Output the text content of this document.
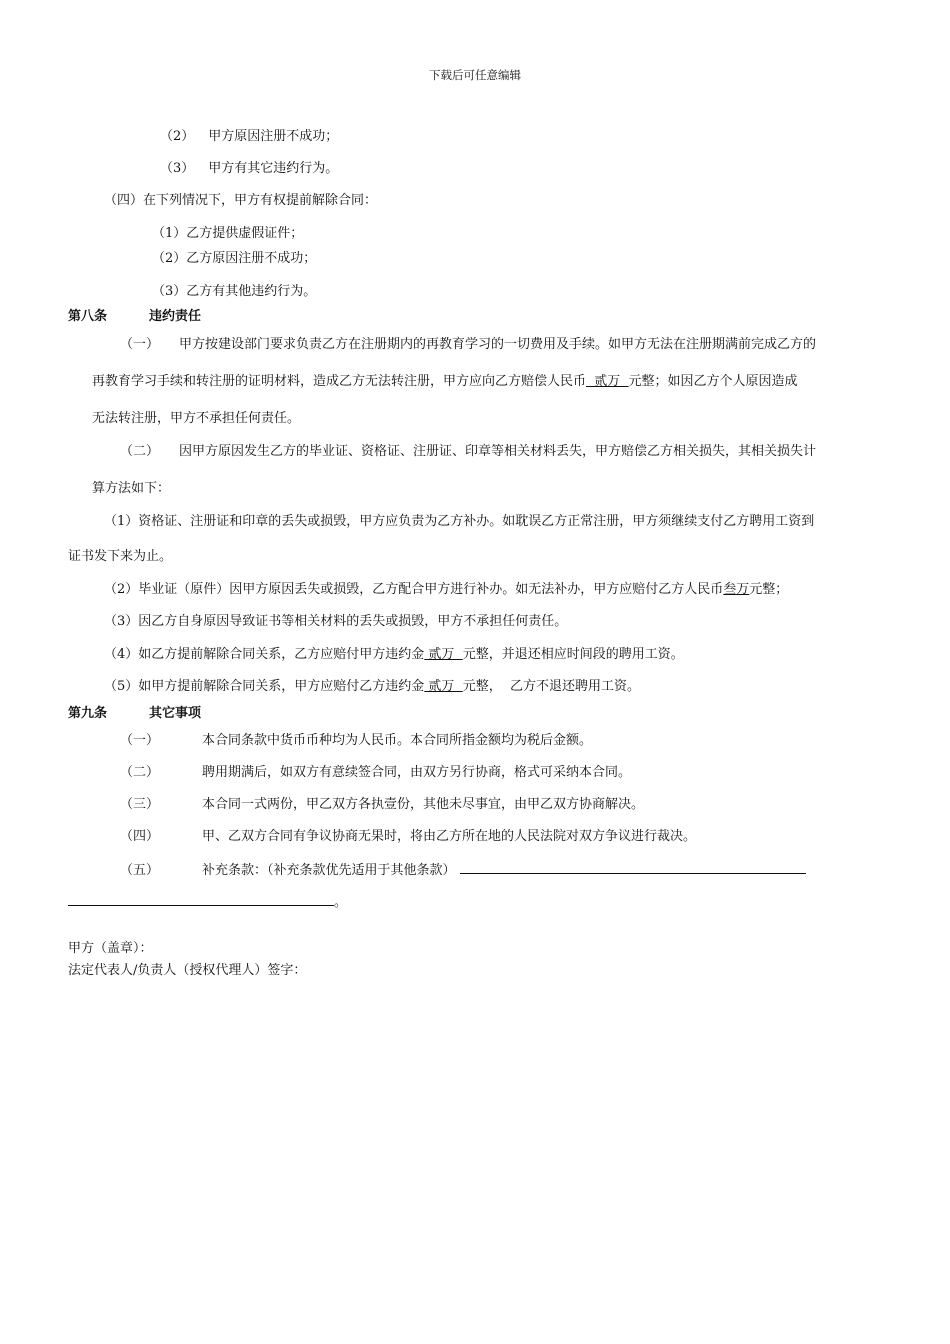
下载后可任意编辑
（2） 甲方原因注册不成功；
（3） 甲方有其它违约行为。
（四）在下列情况下，甲方有权提前解除合同：
（1）乙方提供虚假证件；
（2）乙方原因注册不成功；
（3）乙方有其他违约行为。
第八条	违约责任
（一） 甲方按建设部门要求负责乙方在注册期内的再教育学习的一切费用及手续。如甲方无法在注册期满前完成乙方的
再教育学习手续和转注册的证明材料，造成乙方无法转注册，甲方应向乙方赔偿人民币  贰万  元整；如因乙方个人原因造成
无法转注册，甲方不承担任何责任。
（二） 因甲方原因发生乙方的毕业证、资格证、注册证、印章等相关材料丢失，甲方赔偿乙方相关损失，其相关损失计
算方法如下：
（1）资格证、注册证和印章的丢失或损毁，甲方应负责为乙方补办。如耽误乙方正常注册，甲方须继续支付乙方聘用工资到
证书发下来为止。
（2）毕业证（原件）因甲方原因丢失或损毁，乙方配合甲方进行补办。如无法补办，甲方应赔付乙方人民币叁万元整；
（3）因乙方自身原因导致证书等相关材料的丢失或损毁，甲方不承担任何责任。
（4）如乙方提前解除合同关系，乙方应赔付甲方违约金 贰万  元整，并退还相应时间段的聘用工资。
（5）如甲方提前解除合同关系，甲方应赔付乙方违约金 贰万  元整，  乙方不退还聘用工资。
第九条	其它事项
（一）	本合同条款中货币币种均为人民币。本合同所指金额均为税后金额。
（二）	聘用期满后，如双方有意续签合同，由双方另行协商，格式可采纳本合同。
（三）	本合同一式两份，甲乙双方各执壹份，其他未尽事宜，由甲乙双方协商解决。
（四）	甲、乙双方合同有争议协商无果时，将由乙方所在地的人民法院对双方争议进行裁决。
（五）	补充条款：（补充条款优先适用于其他条款）
。
甲方（盖章）：
法定代表人/负责人（授权代理人）签字：
